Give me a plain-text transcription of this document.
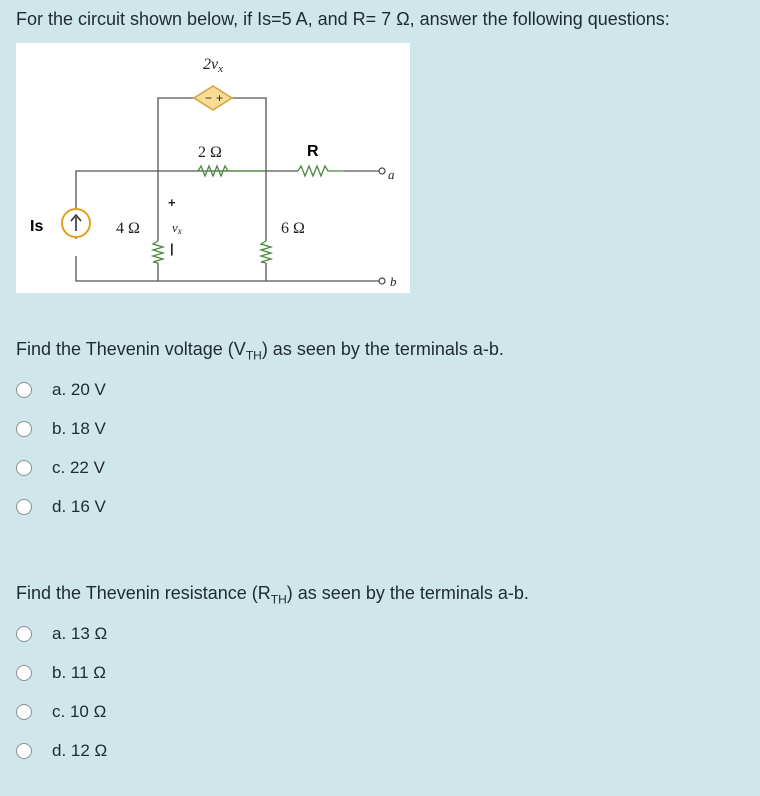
For the circuit shown below, if Is=5 A, and R= 7 Ω, answer the following questions:
2vx
− +
2 Ω	R
4 Ω	6 Ω
+
vx
|
a
b
Is
Find the Thevenin voltage $(V_{TH})$ as seen by the terminals a-b.
a. 20 V
b. 18 V
c. 22 V
d. 16 V
Find the Thevenin resistance $(R_{TH})$ as seen by the terminals a-b.
a. 13 Ω
b. 11 Ω
c. 10 Ω
d. 12 Ω
